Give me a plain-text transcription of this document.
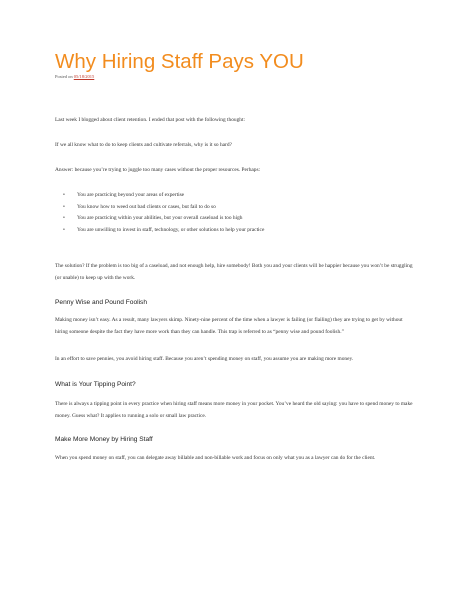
Why Hiring Staff Pays YOU
Posted on 05/18/2015

Last week I blogged about client retention. I ended that post with the following thought:

If we all know what to do to keep clients and cultivate referrals, why is it so hard?

Answer: because you’re trying to juggle too many cases without the proper resources. Perhaps:

• You are practicing beyond your areas of expertise
• You know how to weed out bad clients or cases, but fail to do so
• You are practicing within your abilities, but your overall caseload is too high
• You are unwilling to invest in staff, technology, or other solutions to help your practice

The solution? If the problem is too big of a caseload, and not enough help, hire somebody! Both you and your clients will be happier because you won’t be struggling (or unable) to keep up with the work.

Penny Wise and Pound Foolish

Making money isn’t easy. As a result, many lawyers skimp. Ninety-nine percent of the time when a lawyer is failing (or flailing) they are trying to get by without hiring someone despite the fact they have more work than they can handle. This trap is referred to as “penny wise and pound foolish.”

In an effort to save pennies, you avoid hiring staff. Because you aren’t spending money on staff, you assume you are making more money.

What is Your Tipping Point?

There is always a tipping point in every practice when hiring staff means more money in your pocket. You’ve heard the old saying: you have to spend money to make money. Guess what? It applies to running a solo or small law practice.

Make More Money by Hiring Staff

When you spend money on staff, you can delegate away billable and non-billable work and focus on only what you as a lawyer can do for the client.
